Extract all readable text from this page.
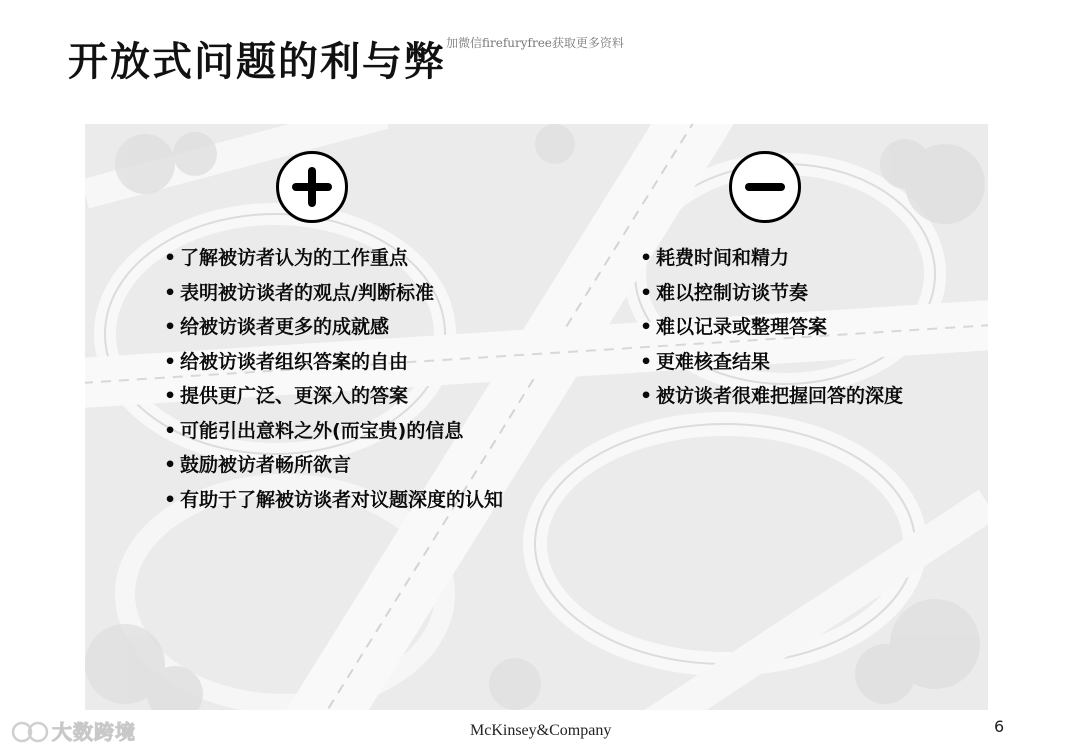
开放式问题的利与弊 加微信firefuryfree获取更多资料
• 了解被访者认为的工作重点
• 表明被访谈者的观点/判断标准
• 给被访谈者更多的成就感
• 给被访谈者组织答案的自由
• 提供更广泛、更深入的答案
• 可能引出意料之外(而宝贵)的信息
• 鼓励被访者畅所欲言
• 有助于了解被访谈者对议题深度的认知
• 耗费时间和精力
• 难以控制访谈节奏
• 难以记录或整理答案
• 更难核查结果
• 被访谈者很难把握回答的深度
大数跨境	McKinsey&Company	6
